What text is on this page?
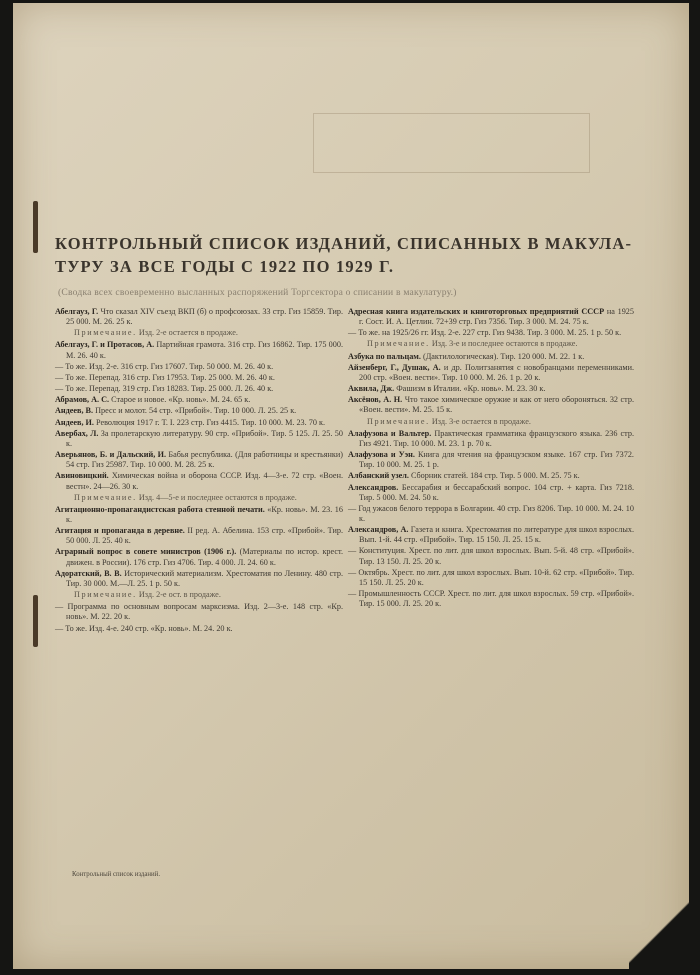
КОНТРОЛЬНЫЙ СПИСОК ИЗДАНИЙ, СПИСАННЫХ В МАКУЛА-
ТУРУ ЗА ВСЕ ГОДЫ С 1922 ПО 1929 Г.
(Сводка всех своевременно высланных распоряжений Торгсектора о списании в макулатуру.)
Абелгауз, Г. Что сказал XIV съезд ВКП (б) о профсоюзах. 33 стр. Гиз 15859. Тир. 25 000. М. 26. 25 к.
Примечание. Изд. 2-е остается в продаже.
Абелгауз, Г. и Протасов, А. Партийная грамота. 316 стр. Гиз 16862. Тир. 175 000. М. 26. 40 к.
— То же. Изд. 2-е. 316 стр. Гиз 17607. Тир. 50 000. М. 26. 40 к.
— То же. Перепад. 316 стр. Гиз 17953. Тир. 25 000. М. 26. 40 к.
— То же. Перепад. 319 стр. Гиз 18283. Тир. 25 000. Л. 26. 40 к.
Абрамов, А. С. Старое и новое. «Кр. новь». М. 24. 65 к.
Андеев, В. Пресс и молот. 54 стр. «Прибой». Тир. 10 000. Л. 25. 25 к.
Андеев, И. Революция 1917 г. Т. I. 223 стр. Гиз 4415. Тир. 10 000. М. 23. 70 к.
Авербах, Л. За пролетарскую литературу. 90 стр. «Прибой». Тир. 5 125. Л. 25. 50 к.
Аверьянов, Б. и Дальский, И. Бабья республика. (Для работницы и крестьянки) 54 стр. Гиз 25987. Тир. 10 000. М. 28. 25 к.
Авиновицкий. Химическая война и оборона СССР. Изд. 4—3-е. 72 стр. «Воен. вестн». 24—26. 30 к.
Примечание. Изд. 4—5-е и последнее остаются в продаже.
Агитационно-пропагандистская работа стенной печати. «Кр. новь». М. 23. 16 к.
Агитация и пропаганда в деревне. II ред. А. Абелина. 153 стр. «Прибой». Тир. 50 000. Л. 25. 40 к.
Аграрный вопрос в совете министров (1906 г.). (Материалы по истор. крест. движен. в России). 176 стр. Гиз 4706. Тир. 4 000. Л. 24. 60 к.
Адоратский, В. В. Исторический материализм. Хрестоматия по Ленину. 480 стр. Тир. 30 000. М.—Л. 25. 1 р. 50 к.
Примечание. Изд. 2-е ост. в продаже.
— Программа по основным вопросам марксизма. Изд. 2—3-е. 148 стр. «Кр. новь». М. 22. 20 к.
— То же. Изд. 4-е. 240 стр. «Кр. новь». М. 24. 20 к.
Адресная книга издательских и книготорговых предприятий СССР на 1925 г. Сост. И. А. Цетлин. 72+39 стр. Гиз 7356. Тир. 3 000. М. 24. 75 к.
— То же. на 1925/26 гг. Изд. 2-е. 227 стр. Гиз 9438. Тир. 3 000. М. 25. 1 р. 50 к.
Примечание. Изд. 3-е и последнее остаются в продаже.
Азбука по пальцам. (Дактилологическая). Тир. 120 000. М. 22. 1 к.
Айзенберг, Г., Душак, А. и др. Политзанятия с новобранцами переменниками. 200 стр. «Воен. вести». Тир. 10 000. М. 26. 1 р. 20 к.
Аквила, Дж. Фашизм в Италии. «Кр. новь». М. 23. 30 к.
Аксёнов, А. Н. Что такое химическое оружие и как от него обороняться. 32 стр. «Воен. вести». М. 25. 15 к.
Примечание. Изд. 3-е остается в продаже.
Алафузова и Вальтер. Практическая грамматика французского языка. 236 стр. Гиз 4921. Тир. 10 000. М. 23. 1 р. 70 к.
Алафузова и Уэн. Книга для чтения на французском языке. 167 стр. Гиз 7372. Тир. 10 000. М. 25. 1 р.
Албанский узел. Сборник статей. 184 стр. Тир. 5 000. М. 25. 75 к.
Александров. Бессарабия и бессарабский вопрос. 104 стр. + карта. Гиз 7218. Тир. 5 000. М. 24. 50 к.
— Год ужасов белого террора в Болгарии. 40 стр. Гиз 8206. Тир. 10 000. М. 24. 10 к.
Александров, А. Газета и книга. Хрестоматия по литературе для школ взрослых. Вып. 1-й. 44 стр. «Прибой». Тир. 15 150. Л. 25. 15 к.
— Конституция. Хрест. по лит. для школ взрослых. Вып. 5-й. 48 стр. «Прибой». Тир. 13 150. Л. 25. 20 к.
— Октябрь. Хрест. по лит. для школ взрослых. Вып. 10-й. 62 стр. «Прибой». Тир. 15 150. Л. 25. 20 к.
— Промышленность СССР. Хрест. по лит. для школ взрослых. 59 стр. «Прибой». Тир. 15 000. Л. 25. 20 к.
Контрольный список изданий.
